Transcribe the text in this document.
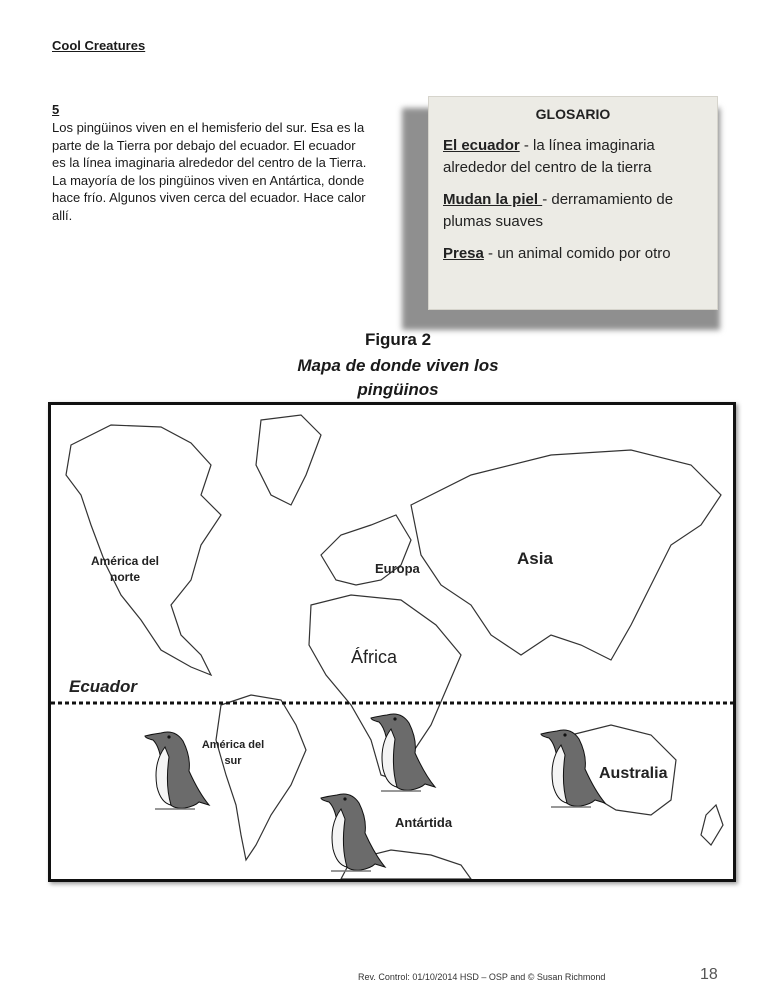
Cool Creatures
5
Los pingüinos viven en el hemisferio del sur. Esa es la parte de la Tierra por debajo del ecuador. El ecuador es la línea imaginaria alrededor del centro de la Tierra. La mayoría de los pingüinos viven en Antártica, donde hace frío. Algunos viven cerca del ecuador. Hace calor allí.
GLOSARIO
El ecuador - la línea imaginaria alrededor del centro de la tierra
Mudan la piel - derramamiento de plumas suaves
Presa - un animal comido por otro
Figura 2
Mapa de donde viven los
pingüinos
América del norte
Europa
Asia
África
Ecuador
América del sur
Australia
Antártida
Rev. Control: 01/10/2014 HSD – OSP and © Susan Richmond	18
